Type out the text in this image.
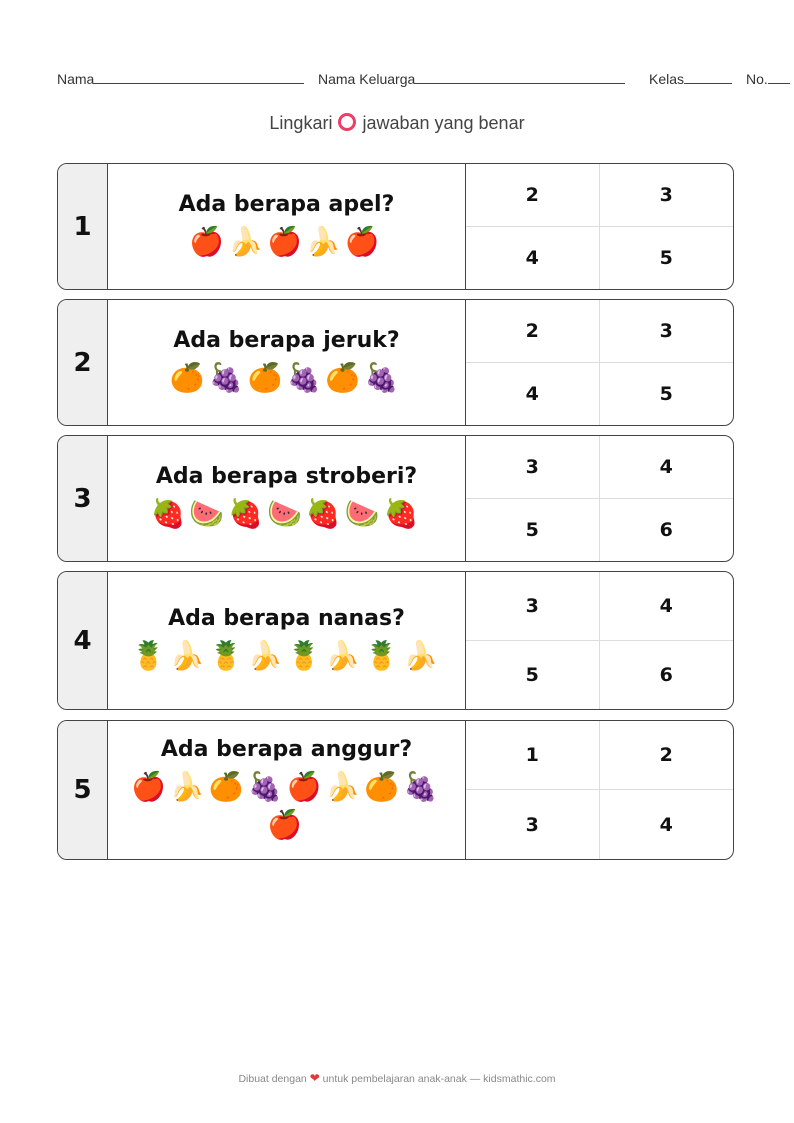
Nama	Nama Keluarga	Kelas	No.
Lingkari jawaban yang benar
1
Ada berapa apel?
🍎🍌🍎🍌🍎
2	3
4	5
2
Ada berapa jeruk?
🍊🍇🍊🍇🍊🍇
2	3
4	5
3
Ada berapa stroberi?
🍓🍉🍓🍉🍓🍉🍓
3	4
5	6
4
Ada berapa nanas?
🍍🍌🍍🍌🍍🍌🍍🍌
3	4
5	6
5
Ada berapa anggur?
🍎🍌🍊🍇🍎🍌🍊🍇🍎
1	2
3	4
Dibuat dengan ❤ untuk pembelajaran anak-anak — kidsmathic.com
